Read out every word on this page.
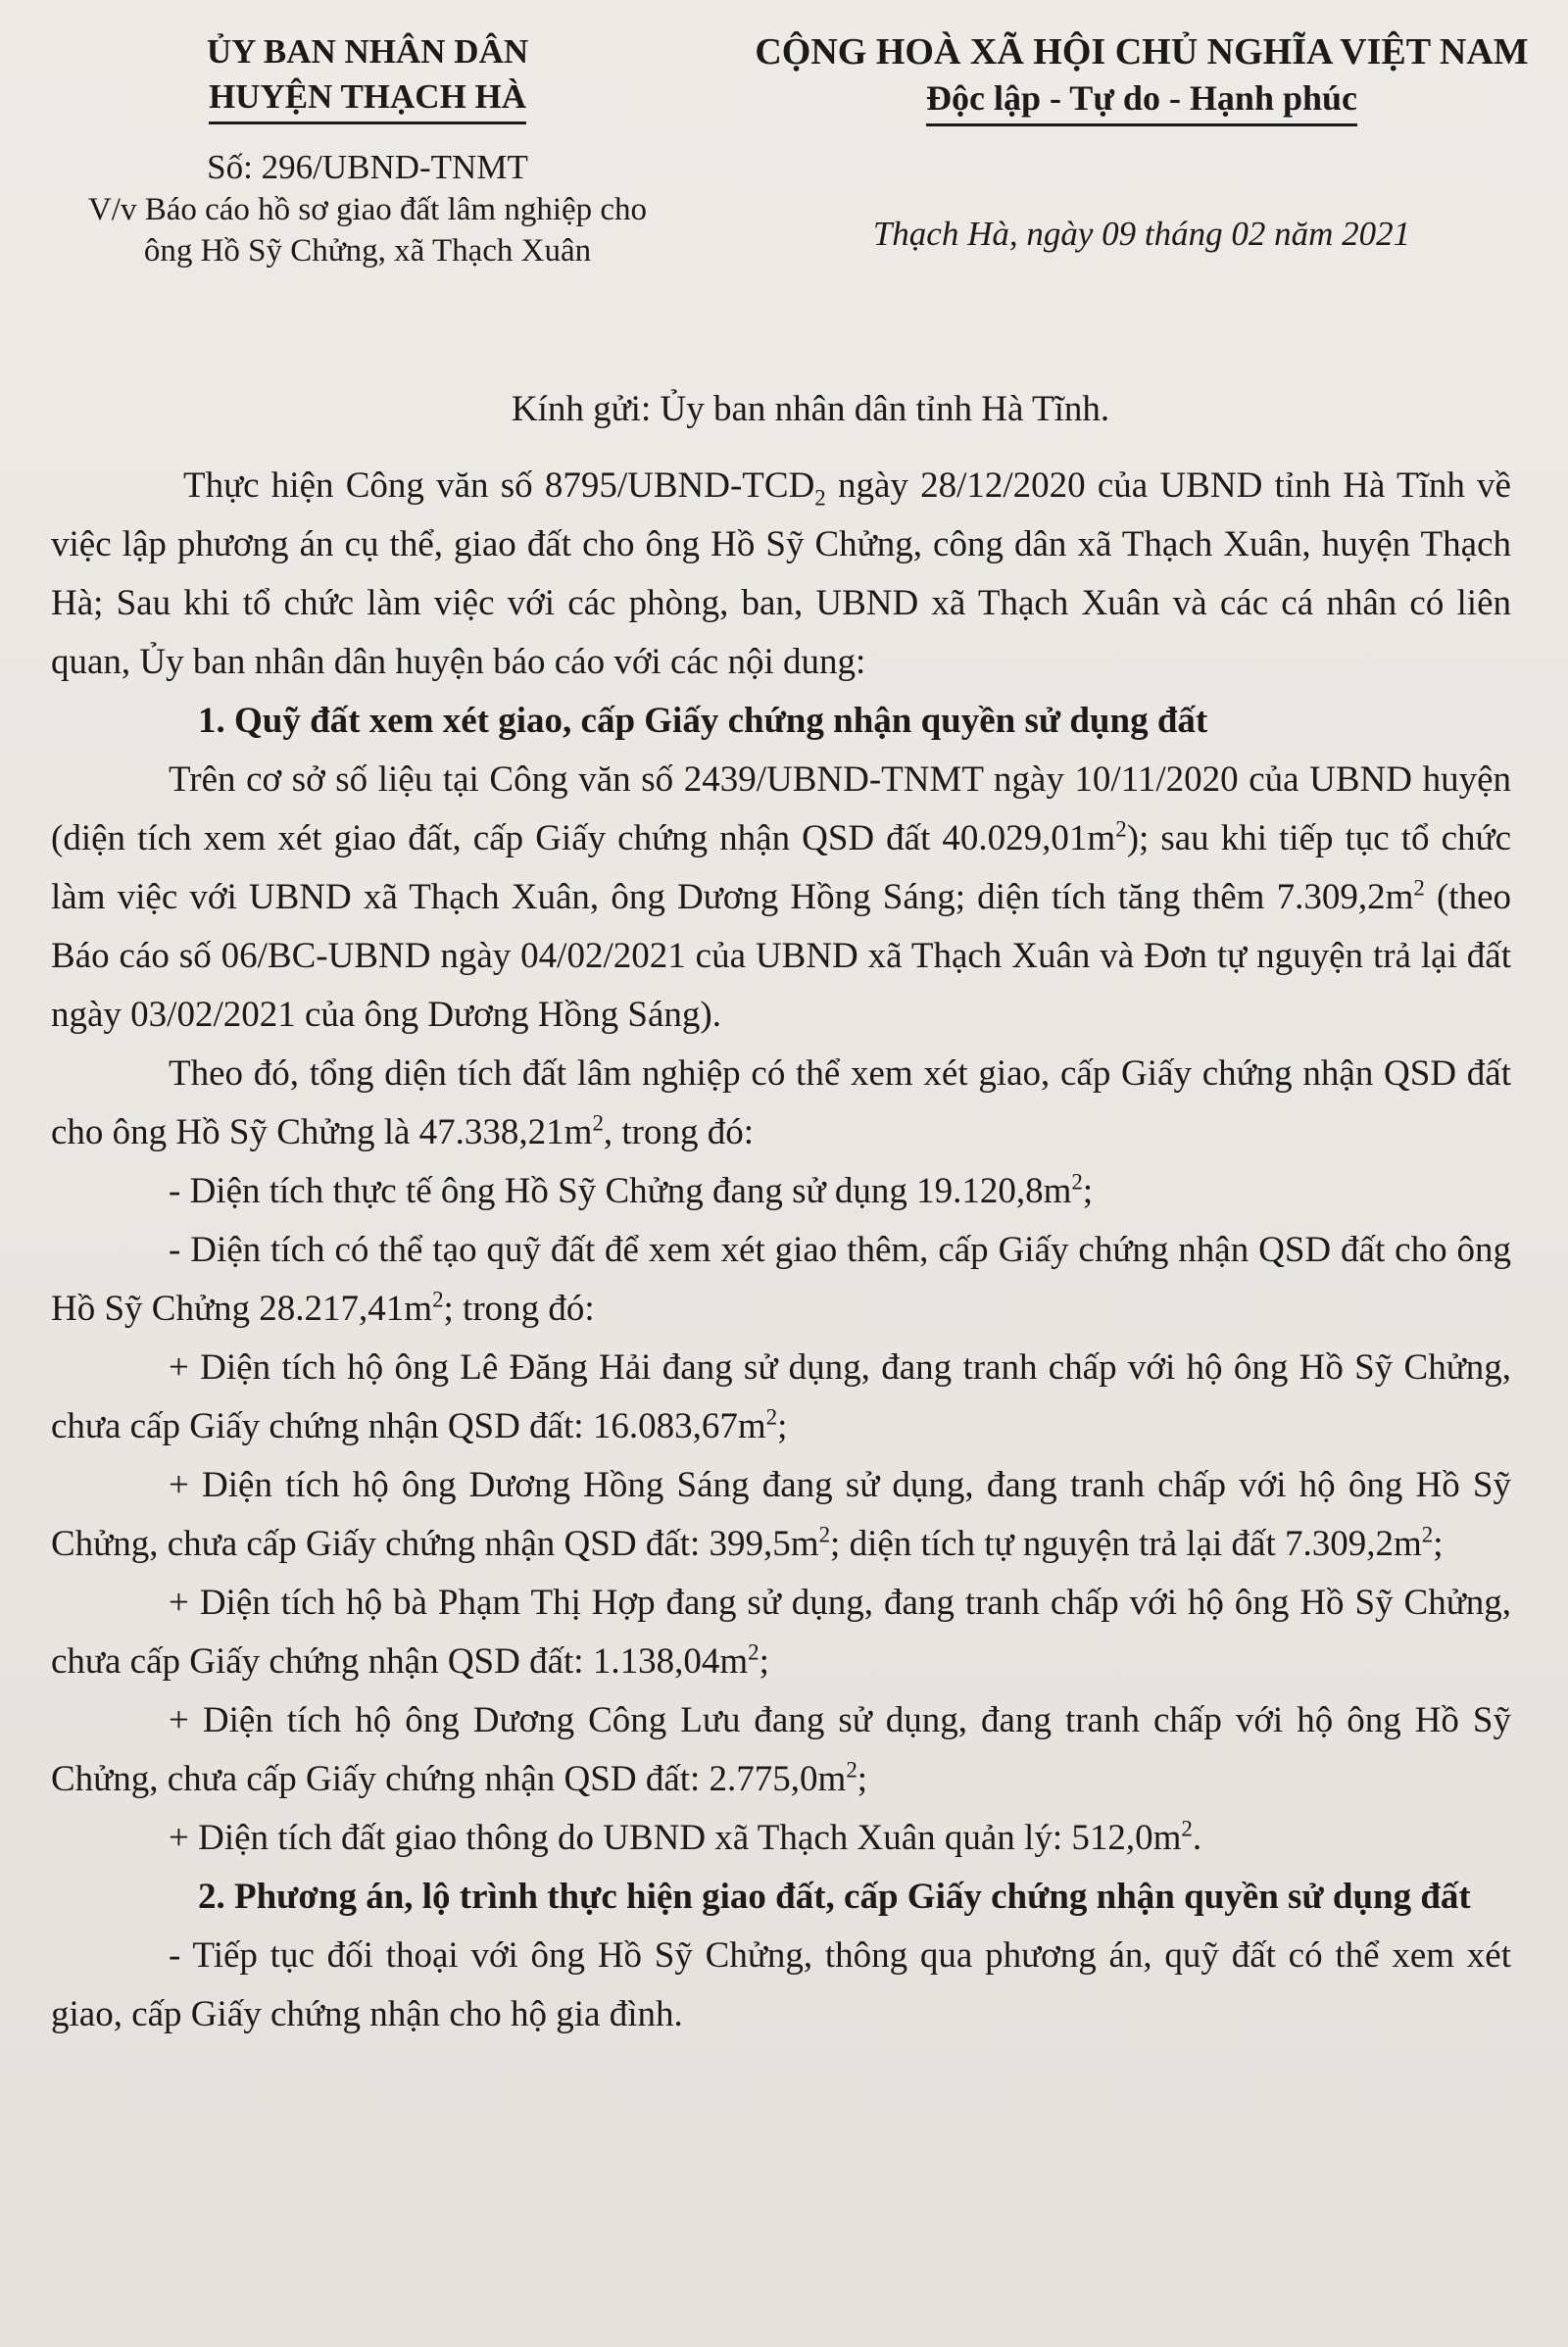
ỦY BAN NHÂN DÂN
HUYỆN THẠCH HÀ
Số: 296/UBND-TNMT
V/v Báo cáo hồ sơ giao đất lâm nghiệp cho
ông Hồ Sỹ Chửng, xã Thạch Xuân
CỘNG HOÀ XÃ HỘI CHỦ NGHĨA VIỆT NAM
Độc lập - Tự do - Hạnh phúc
Thạch Hà, ngày 09 tháng 02 năm 2021

Kính gửi: Ủy ban nhân dân tỉnh Hà Tĩnh.

Thực hiện Công văn số $8795/UBND-TCD_2$ ngày 28/12/2020 của UBND tỉnh Hà Tĩnh về việc lập phương án cụ thể, giao đất cho ông Hồ Sỹ Chửng, công dân xã Thạch Xuân, huyện Thạch Hà; Sau khi tổ chức làm việc với các phòng, ban, UBND xã Thạch Xuân và các cá nhân có liên quan, Ủy ban nhân dân huyện báo cáo với các nội dung:

1. Quỹ đất xem xét giao, cấp Giấy chứng nhận quyền sử dụng đất

Trên cơ sở số liệu tại Công văn số 2439/UBND-TNMT ngày 10/11/2020 của UBND huyện (diện tích xem xét giao đất, cấp Giấy chứng nhận QSD đất $40.029,01m^2$); sau khi tiếp tục tổ chức làm việc với UBND xã Thạch Xuân, ông Dương Hồng Sáng; diện tích tăng thêm $7.309,2m^2$ (theo Báo cáo số 06/BC-UBND ngày 04/02/2021 của UBND xã Thạch Xuân và Đơn tự nguyện trả lại đất ngày 03/02/2021 của ông Dương Hồng Sáng).

Theo đó, tổng diện tích đất lâm nghiệp có thể xem xét giao, cấp Giấy chứng nhận QSD đất cho ông Hồ Sỹ Chửng là $47.338,21m^2$, trong đó:

- Diện tích thực tế ông Hồ Sỹ Chửng đang sử dụng $19.120,8m^2$;

- Diện tích có thể tạo quỹ đất để xem xét giao thêm, cấp Giấy chứng nhận QSD đất cho ông Hồ Sỹ Chửng $28.217,41m^2$; trong đó:

+ Diện tích hộ ông Lê Đăng Hải đang sử dụng, đang tranh chấp với hộ ông Hồ Sỹ Chửng, chưa cấp Giấy chứng nhận QSD đất: $16.083,67m^2$;

+ Diện tích hộ ông Dương Hồng Sáng đang sử dụng, đang tranh chấp với hộ ông Hồ Sỹ Chửng, chưa cấp Giấy chứng nhận QSD đất: $399,5m^2$; diện tích tự nguyện trả lại đất $7.309,2m^2$;

+ Diện tích hộ bà Phạm Thị Hợp đang sử dụng, đang tranh chấp với hộ ông Hồ Sỹ Chửng, chưa cấp Giấy chứng nhận QSD đất: $1.138,04m^2$;

+ Diện tích hộ ông Dương Công Lưu đang sử dụng, đang tranh chấp với hộ ông Hồ Sỹ Chửng, chưa cấp Giấy chứng nhận QSD đất: $2.775,0m^2$;

+ Diện tích đất giao thông do UBND xã Thạch Xuân quản lý: $512,0m^2$.

2. Phương án, lộ trình thực hiện giao đất, cấp Giấy chứng nhận quyền sử dụng đất

- Tiếp tục đối thoại với ông Hồ Sỹ Chửng, thông qua phương án, quỹ đất có thể xem xét giao, cấp Giấy chứng nhận cho hộ gia đình.
